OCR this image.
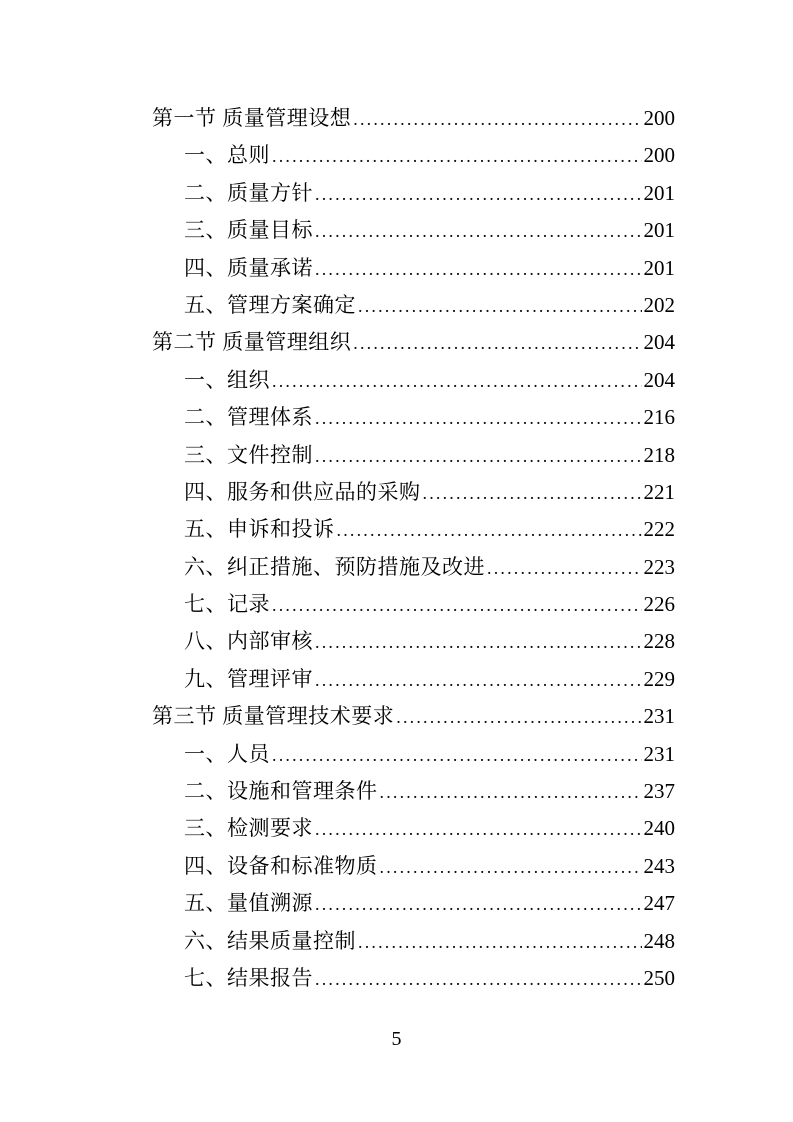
第一节 质量管理设想 .....	200
一、总则 .....	200
二、质量方针 .....	201
三、质量目标 .....	201
四、质量承诺 .....	201
五、管理方案确定 .....	202
第二节 质量管理组织 .....	204
一、组织 .....	204
二、管理体系 .....	216
三、文件控制 .....	218
四、服务和供应品的采购 .....	221
五、申诉和投诉 .....	222
六、纠正措施、预防措施及改进 .....	223
七、记录 .....	226
八、内部审核 .....	228
九、管理评审 .....	229
第三节 质量管理技术要求 .....	231
一、人员 .....	231
二、设施和管理条件 .....	237
三、检测要求 .....	240
四、设备和标准物质 .....	243
五、量值溯源 .....	247
六、结果质量控制 .....	248
七、结果报告 .....	250
5
